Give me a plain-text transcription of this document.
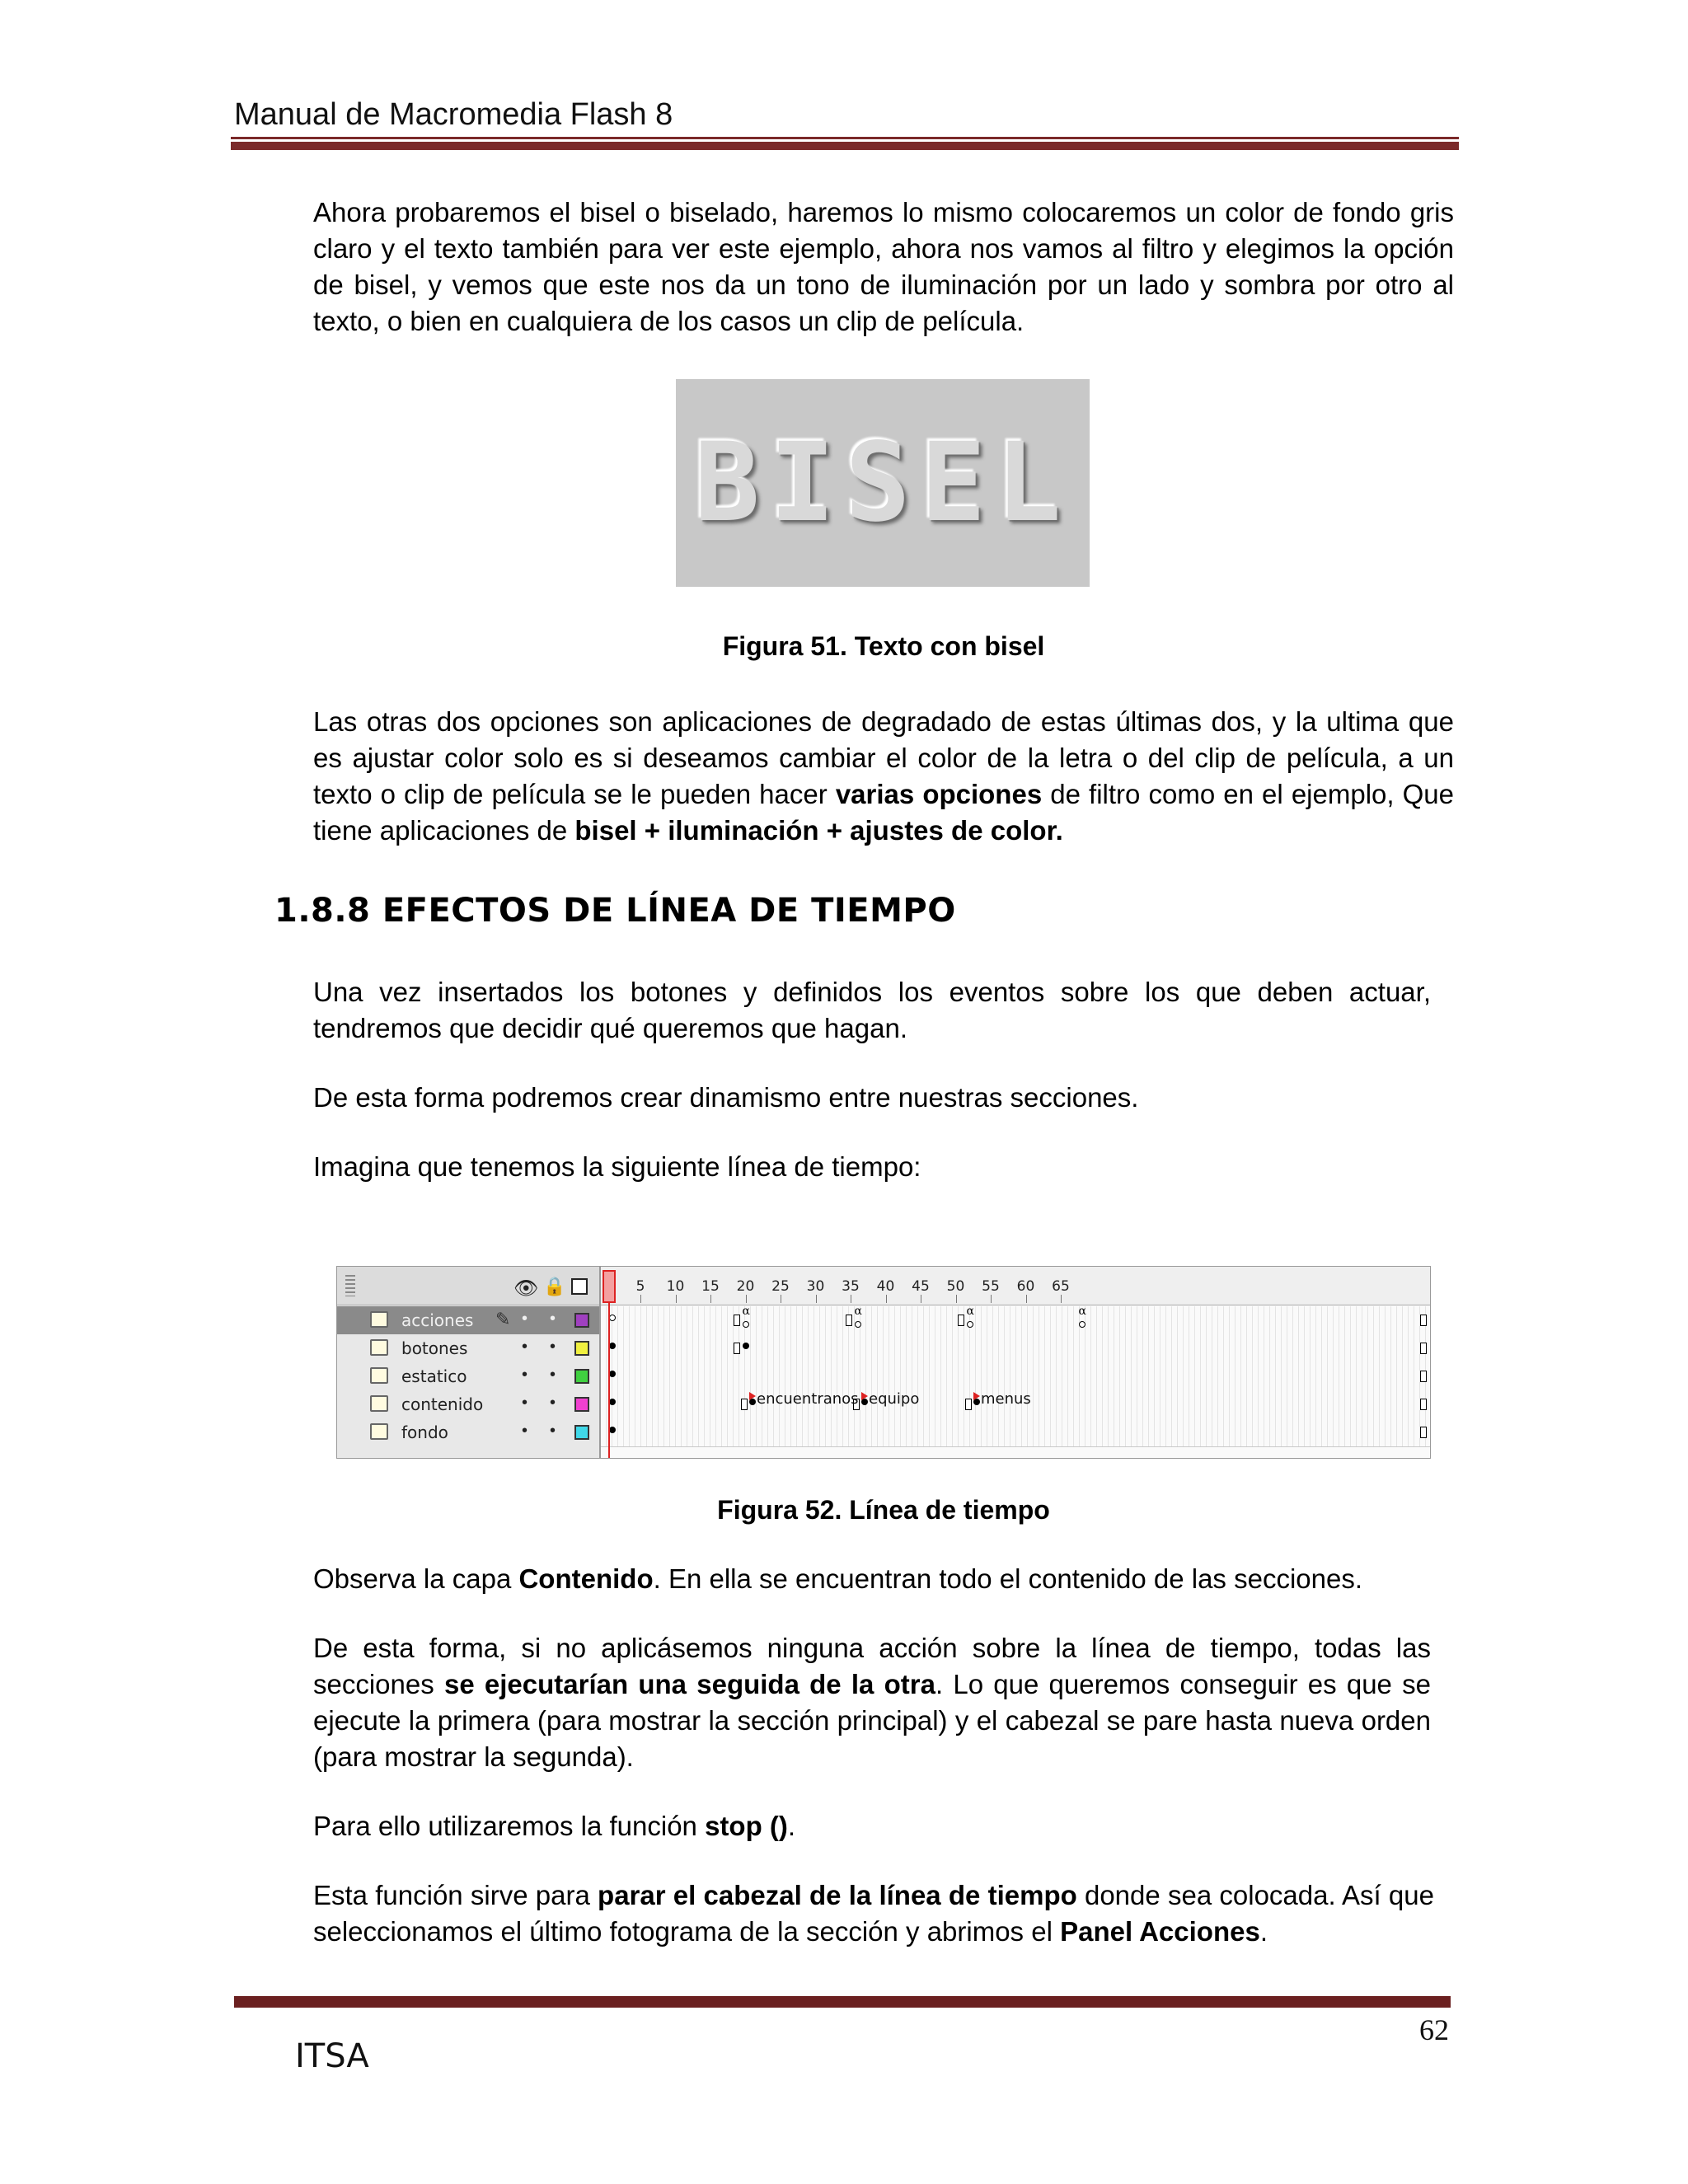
Manual de Macromedia Flash 8
Ahora probaremos el bisel o biselado, haremos lo mismo colocaremos un color de fondo gris claro y el texto también para ver este ejemplo, ahora nos vamos al filtro y elegimos la opción de bisel, y vemos que este nos da un tono de iluminación por un lado y sombra por otro al texto, o bien en cualquiera de los casos un clip de película.
BISEL
Figura 51. Texto con bisel
Las otras dos opciones son aplicaciones de degradado de estas últimas dos, y la ultima que es ajustar color solo es si deseamos cambiar el color de la letra o del clip de película, a un texto o clip de película se le pueden hacer varias opciones de filtro como en el ejemplo, Que tiene aplicaciones de bisel + iluminación + ajustes de color.
1.8.8 EFECTOS DE LÍNEA DE TIEMPO
Una vez insertados los botones y definidos los eventos sobre los que deben actuar, tendremos que decidir qué queremos que hagan.
De esta forma podremos crear dinamismo entre nuestras secciones.
Imagina que tenemos la siguiente línea de tiempo:
👁 🔒
acciones ✎ • •
botones	• •
estatico	• •
contenido • •
fondo	• •
5 10 15 20 25 30 35 40 45 50 55 60 65
α	α	α	α
encuentranos equipo	menus
Figura 52. Línea de tiempo
Observa la capa Contenido. En ella se encuentran todo el contenido de las secciones.
De esta forma, si no aplicásemos ninguna acción sobre la línea de tiempo, todas las secciones se ejecutarían una seguida de la otra. Lo que queremos conseguir es que se ejecute la primera (para mostrar la sección principal) y el cabezal se pare hasta nueva orden (para mostrar la segunda).
Para ello utilizaremos la función stop ().
Esta función sirve para parar el cabezal de la línea de tiempo donde sea colocada. Así que seleccionamos el último fotograma de la sección y abrimos el Panel Acciones.
62
ITSA
